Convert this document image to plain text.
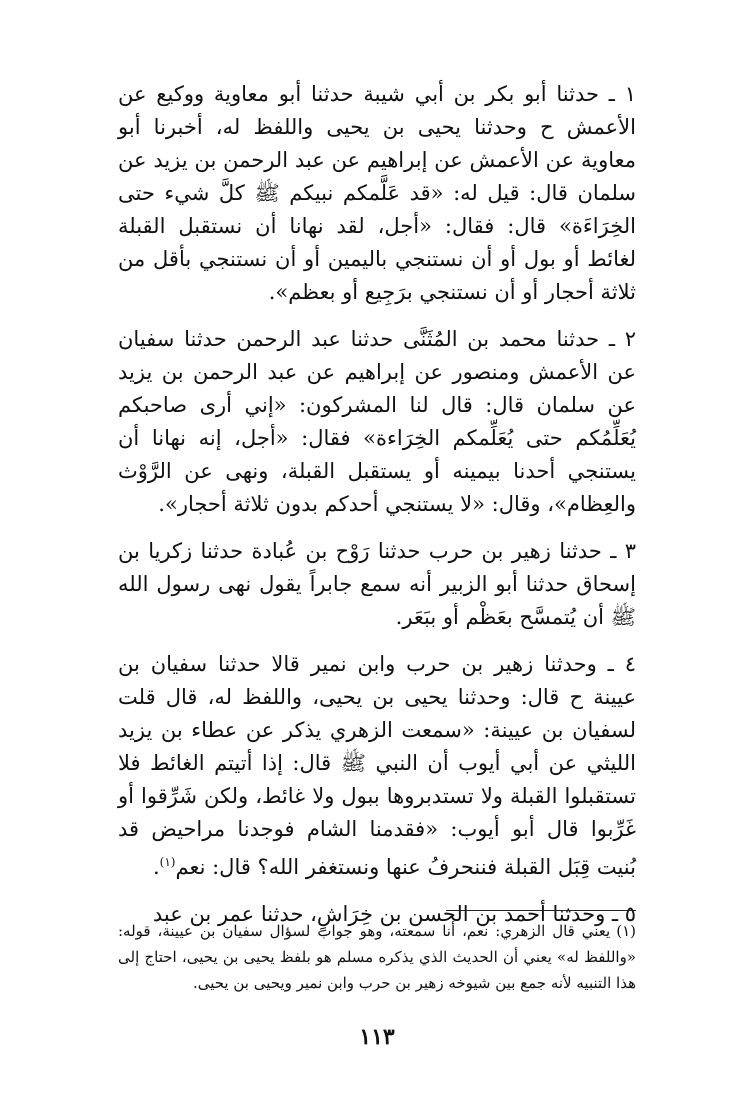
١ ـ حدثنا أبو بكر بن أبي شيبة حدثنا أبو معاوية ووكيع عن الأعمش ح وحدثنا يحيى بن يحيى واللفظ له، أخبرنا أبو معاوية عن الأعمش عن إبراهيم عن عبد الرحمن بن يزيد عن سلمان قال: قيل له: «قد عَلَّمكم نبيكم ﷺ كلَّ شيء حتى الخِرَاءَة» قال: فقال: «أجل، لقد نهانا أن نستقبل القبلة لغائط أو بول أو أن نستنجي باليمين أو أن نستنجي بأقل من ثلاثة أحجار أو أن نستنجي برَجِيع أو بعظم».

٢ ـ حدثنا محمد بن المُثَنَّى حدثنا عبد الرحمن حدثنا سفيان عن الأعمش ومنصور عن إبراهيم عن عبد الرحمن بن يزيد عن سلمان قال: قال لنا المشركون: «إني أرى صاحبكم يُعَلِّمُكم حتى يُعَلِّمكم الخِرَاءة» فقال: «أجل، إنه نهانا أن يستنجي أحدنا بيمينه أو يستقبل القبلة، ونهى عن الرَّوْث والعِظام»، وقال: «لا يستنجي أحدكم بدون ثلاثة أحجار».

٣ ـ حدثنا زهير بن حرب حدثنا رَوْح بن عُبادة حدثنا زكريا بن إسحاق حدثنا أبو الزبير أنه سمع جابراً يقول نهى رسول الله ﷺ أن يُتمسَّح بعَظْم أو ببَعَر.

٤ ـ وحدثنا زهير بن حرب وابن نمير قالا حدثنا سفيان بن عيينة ح قال: وحدثنا يحيى بن يحيى، واللفظ له، قال قلت لسفيان بن عيينة: «سمعت الزهري يذكر عن عطاء بن يزيد الليثي عن أبي أيوب أن النبي ﷺ قال: إذا أتيتم الغائط فلا تستقبلوا القبلة ولا تستدبروها ببول ولا غائط، ولكن شَرِّقوا أو غَرِّبوا قال أبو أيوب: «فقدمنا الشام فوجدنا مراحيض قد بُنيت قِبَل القبلة فننحرفُ عنها ونستغفر الله؟ قال: نعم$^{(١)}$.

٥ ـ وحدثنا أحمد بن الحسن بن خِرَاشٍ، حدثنا عمر بن عبد

(١)يعني قال الزهري: نعم، أنا سمعته، وهو جواب لسؤال سفيان بن عيينة، قوله: «واللفظ له» يعني أن الحديث الذي يذكره مسلم هو بلفظ يحيى بن يحيى، احتاج إلى هذا التنبيه لأنه جمع بين شيوخه زهير بن حرب وابن نمير ويحيى بن يحيى.
١١٣
